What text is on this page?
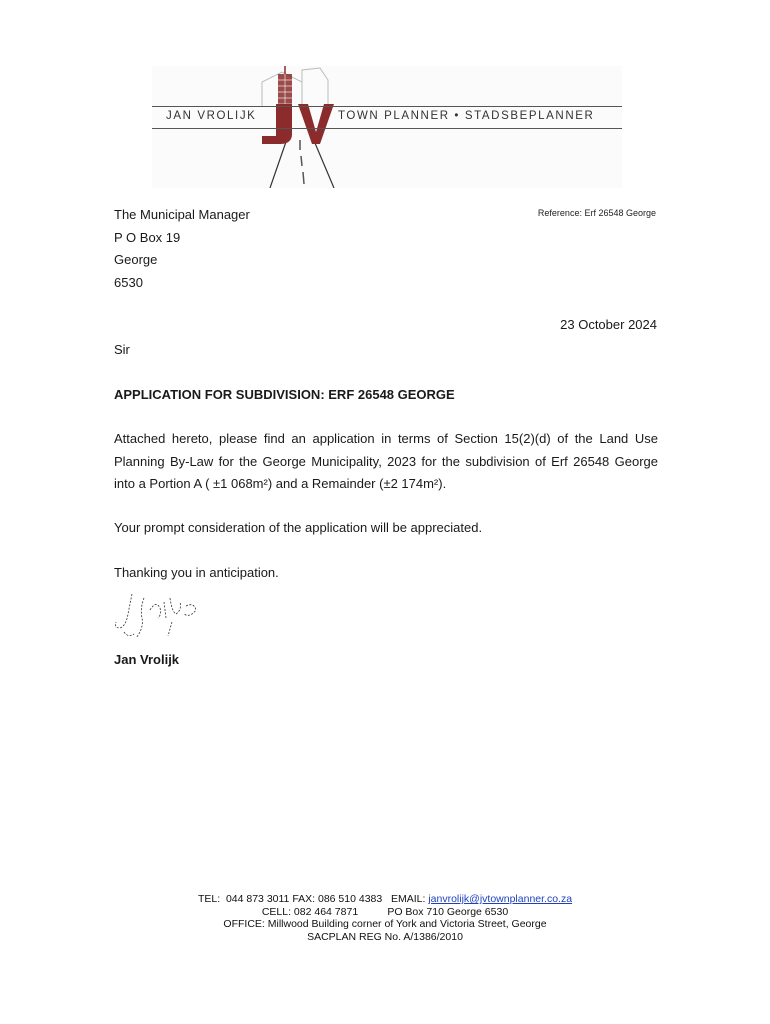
JAN VROLIJK	TOWN PLANNER • STADSBEPLANNER
The Municipal Manager
P O Box 19
George
6530
Reference: Erf 26548 George
23 October 2024
Sir
APPLICATION FOR SUBDIVISION: ERF 26548 GEORGE
Attached hereto, please find an application in terms of Section 15(2)(d) of the Land Use Planning By-Law for the George Municipality, 2023 for the subdivision of Erf 26548 George into a Portion A ( ±1 068m²) and a Remainder (±2 174m²).
Your prompt consideration of the application will be appreciated.
Thanking you in anticipation.
Jan Vrolijk
TEL:  044 873 3011 FAX: 086 510 4383   EMAIL: janvrolijk@jvtownplanner.co.za
CELL: 082 464 7871          PO Box 710 George 6530
OFFICE: Millwood Building corner of York and Victoria Street, George
SACPLAN REG No. A/1386/2010
